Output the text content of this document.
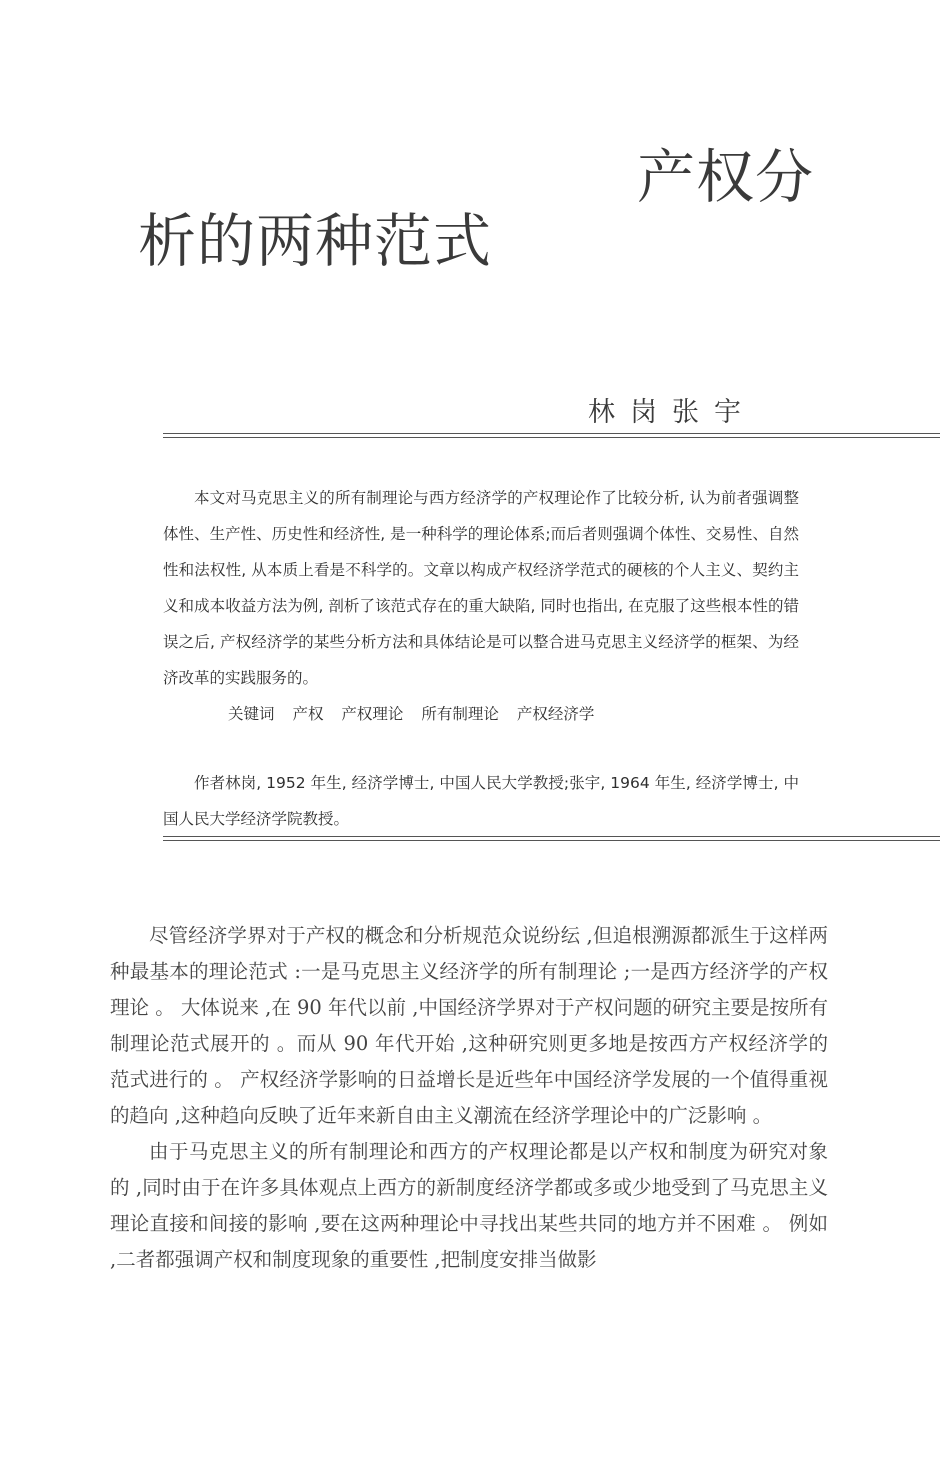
产权分
析的两种范式
林岗张宇

本文对马克思主义的所有制理论与西方经济学的产权理论作了比较分析, 认为前者强调整体性、生产性、历史性和经济性, 是一种科学的理论体系;而后者则强调个体性、交易性、自然性和法权性, 从本质上看是不科学的。文章以构成产权经济学范式的硬核的个人主义、契约主义和成本收益方法为例, 剖析了该范式存在的重大缺陷, 同时也指出, 在克服了这些根本性的错误之后, 产权经济学的某些分析方法和具体结论是可以整合进马克思主义经济学的框架、为经济改革的实践服务的。

关键词 产权 产权理论 所有制理论 产权经济学

作者林岗, 1952 年生, 经济学博士, 中国人民大学教授;张宇, 1964 年生, 经济学博士, 中国人民大学经济学院教授。

尽管经济学界对于产权的概念和分析规范众说纷纭 ,但追根溯源都派生于这样两种最基本的理论范式 :一是马克思主义经济学的所有制理论 ;一是西方经济学的产权理论 。 大体说来 ,在 90 年代以前 ,中国经济学界对于产权问题的研究主要是按所有制理论范式展开的 。而从 90 年代开始 ,这种研究则更多地是按西方产权经济学的范式进行的 。 产权经济学影响的日益增长是近些年中国经济学发展的一个值得重视的趋向 ,这种趋向反映了近年来新自由主义潮流在经济学理论中的广泛影响 。

由于马克思主义的所有制理论和西方的产权理论都是以产权和制度为研究对象的 ,同时由于在许多具体观点上西方的新制度经济学都或多或少地受到了马克思主义理论直接和间接的影响 ,要在这两种理论中寻找出某些共同的地方并不困难 。 例如 ,二者都强调产权和制度现象的重要性 ,把制度安排当做影
